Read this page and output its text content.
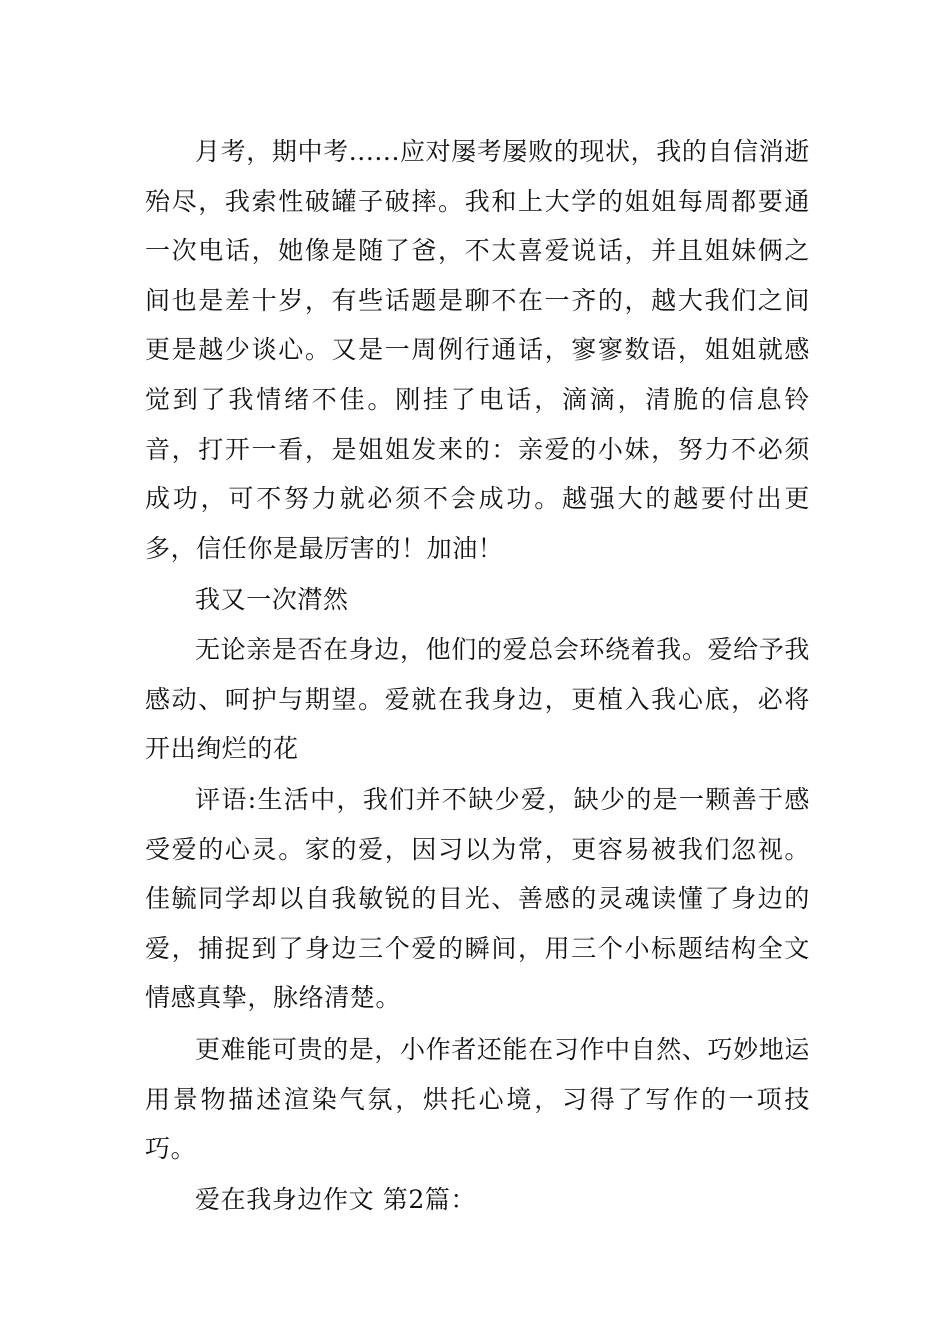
月考，期中考......应对屡考屡败的现状，我的自信消逝殆尽，我索性破罐子破摔。我和上大学的姐姐每周都要通一次电话，她像是随了爸，不太喜爱说话，并且姐妹俩之间也是差十岁，有些话题是聊不在一齐的，越大我们之间更是越少谈心。又是一周例行通话，寥寥数语，姐姐就感觉到了我情绪不佳。刚挂了电话，滴滴，清脆的信息铃音，打开一看，是姐姐发来的：亲爱的小妹，努力不必须成功，可不努力就必须不会成功。越强大的越要付出更多，信任你是最厉害的！加油！

我又一次潸然

无论亲是否在身边，他们的爱总会环绕着我。爱给予我感动、呵护与期望。爱就在我身边，更植入我心底，必将开出绚烂的花

评语:生活中，我们并不缺少爱，缺少的是一颗善于感受爱的心灵。家的爱，因习以为常，更容易被我们忽视。佳毓同学却以自我敏锐的目光、善感的灵魂读懂了身边的爱，捕捉到了身边三个爱的瞬间，用三个小标题结构全文情感真挚，脉络清楚。

更难能可贵的是，小作者还能在习作中自然、巧妙地运用景物描述渲染气氛，烘托心境，习得了写作的一项技巧。

爱在我身边作文 第2篇：
